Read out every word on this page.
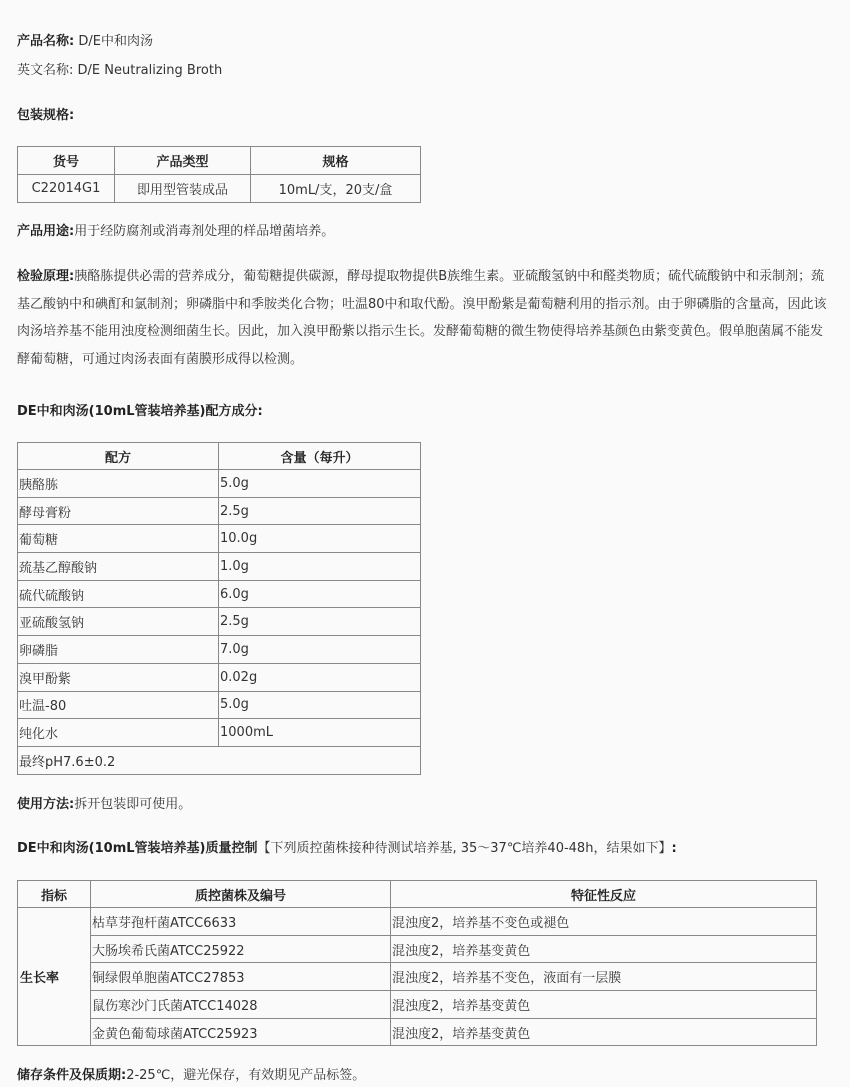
产品名称: D/E中和肉汤
英文名称: D/E Neutralizing Broth
包装规格:
货号	产品类型	规格
C22014G1	即用型管装成品	10mL/支，20支/盒
产品用途:用于经防腐剂或消毒剂处理的样品增菌培养。
检验原理:胰酪胨提供必需的营养成分，葡萄糖提供碳源，酵母提取物提供B族维生素。亚硫酸氢钠中和醛类物质；硫代硫酸钠中和汞制剂；巯基乙酸钠中和碘酊和氯制剂；卵磷脂中和季胺类化合物；吐温80中和取代酚。溴甲酚紫是葡萄糖利用的指示剂。由于卵磷脂的含量高，因此该肉汤培养基不能用浊度检测细菌生长。因此，加入溴甲酚紫以指示生长。发酵葡萄糖的微生物使得培养基颜色由紫变黄色。假单胞菌属不能发酵葡萄糖，可通过肉汤表面有菌膜形成得以检测。
DE中和肉汤(10mL管装培养基)配方成分:
配方	含量（每升）
胰酪胨	5.0g
酵母膏粉	2.5g
葡萄糖	10.0g
巯基乙醇酸钠	1.0g
硫代硫酸钠	6.0g
亚硫酸氢钠	2.5g
卵磷脂	7.0g
溴甲酚紫	0.02g
吐温-80	5.0g
纯化水	1000mL
最终pH7.6±0.2	
使用方法:拆开包装即可使用。
DE中和肉汤(10mL管装培养基)质量控制【下列质控菌株接种待测试培养基, 35～37℃培养40-48h，结果如下】:
指标	质控菌株及编号	特征性反应
生长率	枯草芽孢杆菌ATCC6633	混浊度2，培养基不变色或褪色
	大肠埃希氏菌ATCC25922	混浊度2，培养基变黄色
	铜绿假单胞菌ATCC27853	混浊度2，培养基不变色，液面有一层膜
	鼠伤寒沙门氏菌ATCC14028	混浊度2，培养基变黄色
	金黄色葡萄球菌ATCC25923	混浊度2，培养基变黄色
储存条件及保质期:2-25℃，避光保存，有效期见产品标签。
